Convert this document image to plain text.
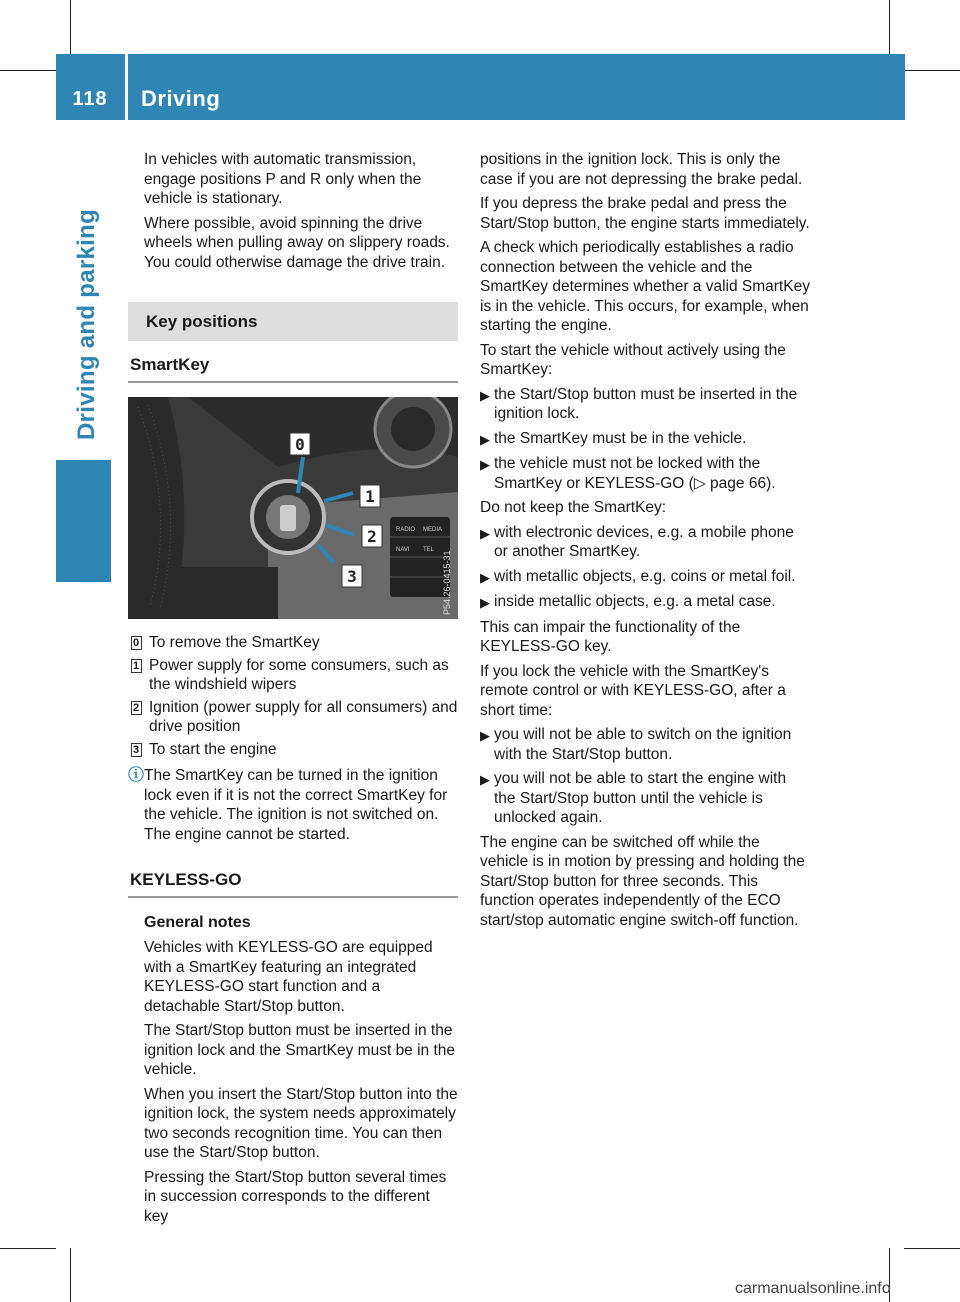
118	Driving
Driving and parking

In vehicles with automatic transmission, engage positions P and R only when the vehicle is stationary.

Where possible, avoid spinning the drive wheels when pulling away on slippery roads. You could otherwise damage the drive train.

Key positions
SmartKey
RADIO MEDIA
NAVI TEL
0
1
2
3	P54.26-0415-31
0 To remove the SmartKey
1 Power supply for some consumers, such as the windshield wipers
2 Ignition (power supply for all consumers) and drive position
3 To start the engine
ⓘ The SmartKey can be turned in the ignition lock even if it is not the correct SmartKey for the vehicle. The ignition is not switched on. The engine cannot be started.
KEYLESS-GO
General notes

Vehicles with KEYLESS-GO are equipped with a SmartKey featuring an integrated KEYLESS-GO start function and a detachable Start/Stop button.

The Start/Stop button must be inserted in the ignition lock and the SmartKey must be in the vehicle.

When you insert the Start/Stop button into the ignition lock, the system needs approximately two seconds recognition time. You can then use the Start/Stop button.

Pressing the Start/Stop button several times in succession corresponds to the different key

positions in the ignition lock. This is only the case if you are not depressing the brake pedal.

If you depress the brake pedal and press the Start/Stop button, the engine starts immediately.

A check which periodically establishes a radio connection between the vehicle and the SmartKey determines whether a valid SmartKey is in the vehicle. This occurs, for example, when starting the engine.

To start the vehicle without actively using the SmartKey:

▶ the Start/Stop button must be inserted in the ignition lock.
▶ the SmartKey must be in the vehicle.
▶ the vehicle must not be locked with the SmartKey or KEYLESS-GO (▷ page 66).

Do not keep the SmartKey:

▶ with electronic devices, e.g. a mobile phone or another SmartKey.
▶ with metallic objects, e.g. coins or metal foil.
▶ inside metallic objects, e.g. a metal case.

This can impair the functionality of the KEYLESS-GO key.

If you lock the vehicle with the SmartKey's remote control or with KEYLESS-GO, after a short time:

▶ you will not be able to switch on the ignition with the Start/Stop button.
▶ you will not be able to start the engine with the Start/Stop button until the vehicle is unlocked again.

The engine can be switched off while the vehicle is in motion by pressing and holding the Start/Stop button for three seconds. This function operates independently of the ECO start/stop automatic engine switch-off function.

carmanualsonline.info
